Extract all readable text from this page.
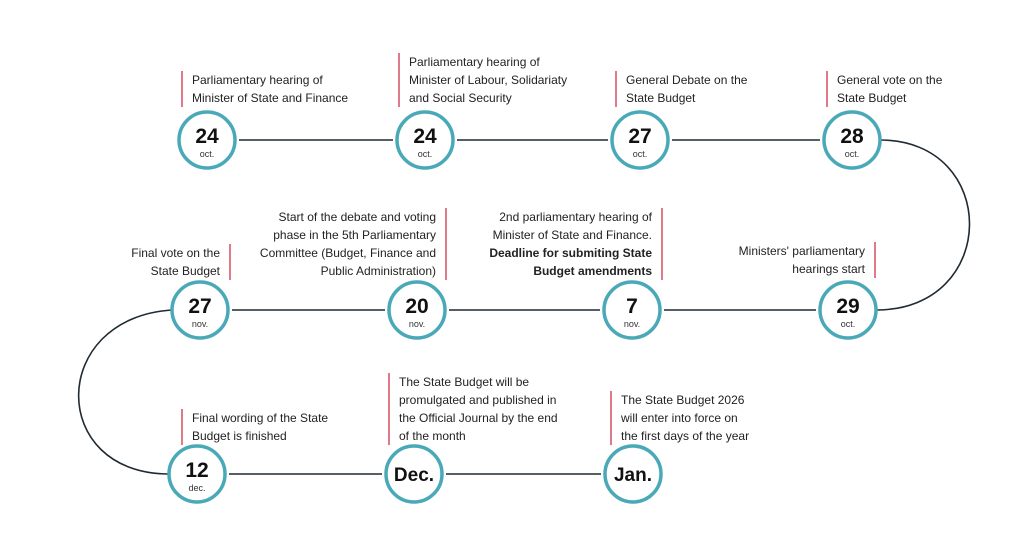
24
oct.
24
oct.
27
oct.
28
oct.
27
nov.
20
nov.
7
nov.
29
oct.
12
dec.
Dec.	Jan.

Parliamentary hearing of

Minister of State and Finance

Parliamentary hearing of

Minister of Labour, Solidariaty

and Social Security

General Debate on the

State Budget

General vote on the

State Budget

Final vote on the

State Budget

Start of the debate and voting

phase in the 5th Parliamentary

Committee (Budget, Finance and

Public Administration)

2nd parliamentary hearing of

Minister of State and Finance.

Deadline for submiting State

Budget amendments

Ministers' parliamentary

hearings start

Final wording of the State

Budget is finished

The State Budget will be

promulgated and published in

the Official Journal by the end

of the month

The State Budget 2026

will enter into force on

the first days of the year
